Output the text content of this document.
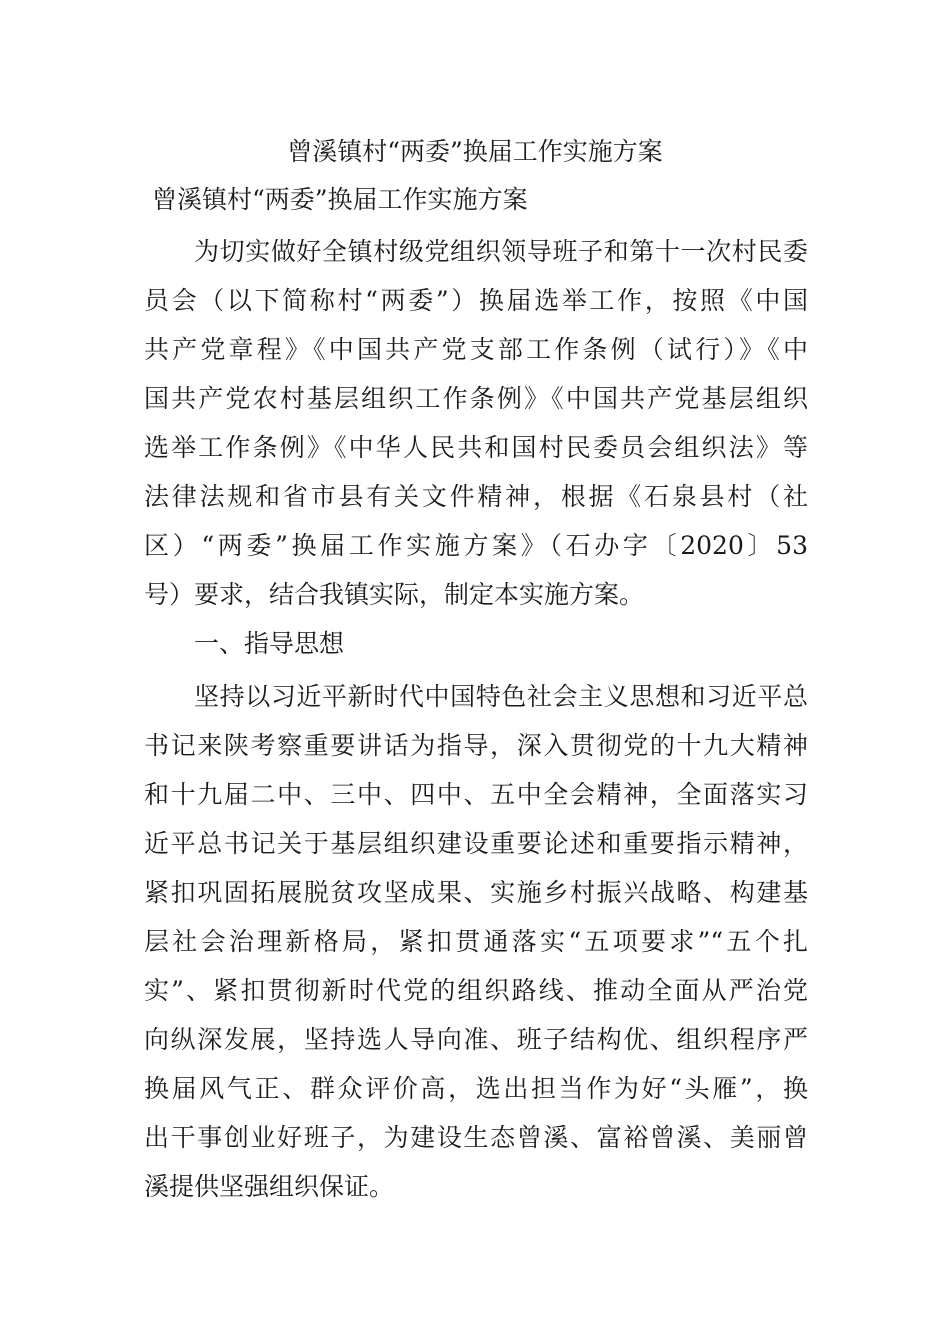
曾溪镇村“两委”换届工作实施方案
曾溪镇村“两委”换届工作实施方案
为切实做好全镇村级党组织领导班子和第十一次村民委
员会（以下简称村“两委”）换届选举工作，按照《中国
共产党章程》《中国共产党支部工作条例（试行）》《中
国共产党农村基层组织工作条例》《中国共产党基层组织
选举工作条例》《中华人民共和国村民委员会组织法》等
法律法规和省市县有关文件精神，根据《石泉县村（社
区）“两委”换届工作实施方案》（石办字〔2020〕53
号）要求，结合我镇实际，制定本实施方案。
一、指导思想
坚持以习近平新时代中国特色社会主义思想和习近平总
书记来陕考察重要讲话为指导，深入贯彻党的十九大精神
和十九届二中、三中、四中、五中全会精神，全面落实习
近平总书记关于基层组织建设重要论述和重要指示精神，
紧扣巩固拓展脱贫攻坚成果、实施乡村振兴战略、构建基
层社会治理新格局，紧扣贯通落实“五项要求”“五个扎
实”、紧扣贯彻新时代党的组织路线、推动全面从严治党
向纵深发展，坚持选人导向准、班子结构优、组织程序严
换届风气正、群众评价高，选出担当作为好“头雁”，换
出干事创业好班子，为建设生态曾溪、富裕曾溪、美丽曾
溪提供坚强组织保证。
